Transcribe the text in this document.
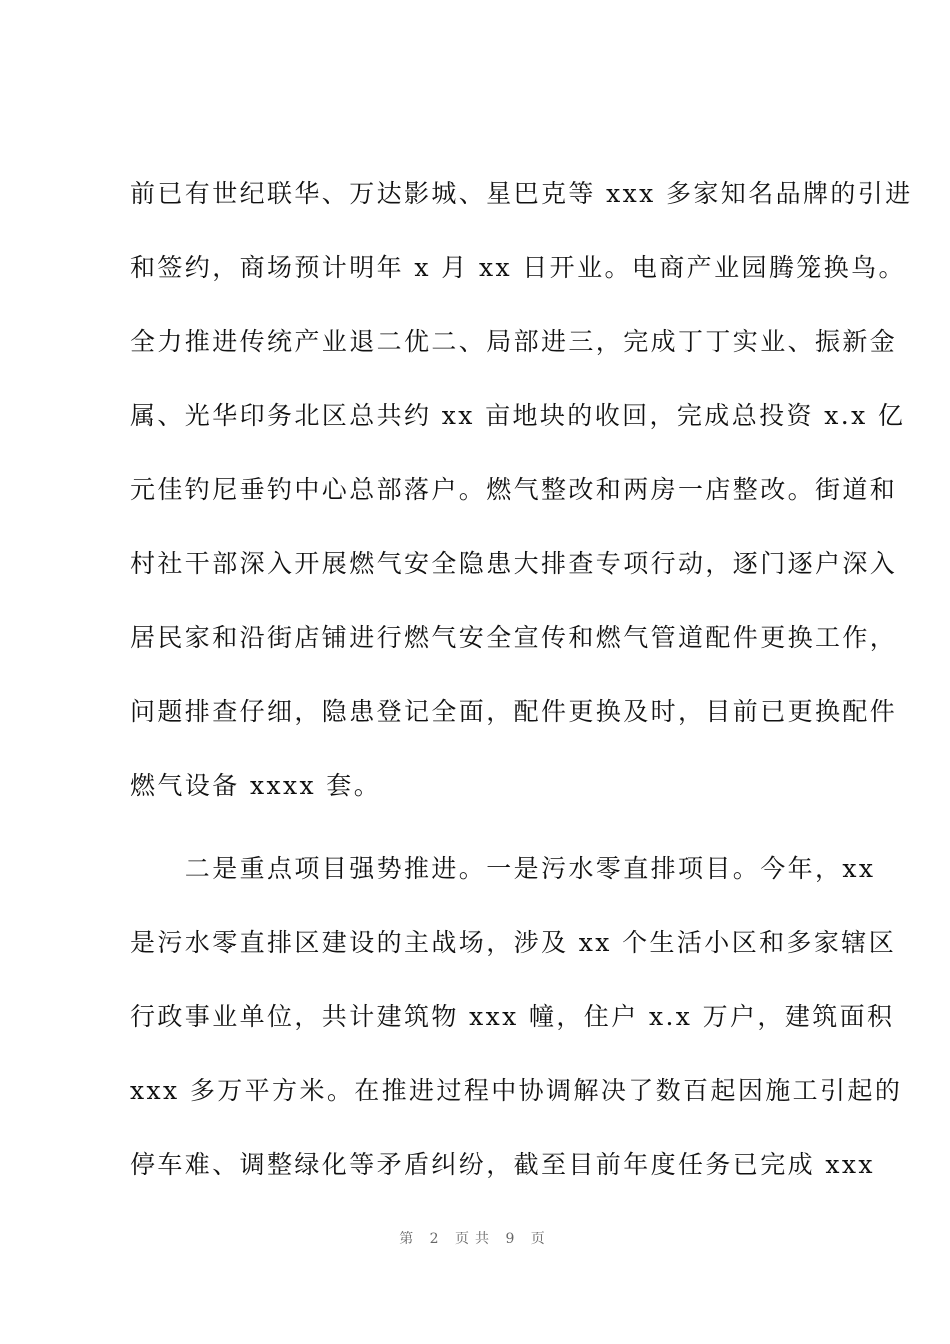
前已有世纪联华、万达影城、星巴克等 xxx 多家知名品牌的引进
和签约，商场预计明年 x 月 xx 日开业。电商产业园腾笼换鸟。
全力推进传统产业退二优二、局部进三，完成丁丁实业、振新金
属、光华印务北区总共约 xx 亩地块的收回，完成总投资 x.x 亿
元佳钓尼垂钓中心总部落户。燃气整改和两房一店整改。街道和
村社干部深入开展燃气安全隐患大排查专项行动，逐门逐户深入
居民家和沿街店铺进行燃气安全宣传和燃气管道配件更换工作，
问题排查仔细，隐患登记全面，配件更换及时，目前已更换配件
燃气设备 xxxx 套。
　　二是重点项目强势推进。一是污水零直排项目。今年，xx
是污水零直排区建设的主战场，涉及 xx 个生活小区和多家辖区
行政事业单位，共计建筑物 xxx 幢，住户 x.x 万户，建筑面积
xxx 多万平方米。在推进过程中协调解决了数百起因施工引起的
停车难、调整绿化等矛盾纠纷，截至目前年度任务已完成 xxx
第 2 页共 9 页
